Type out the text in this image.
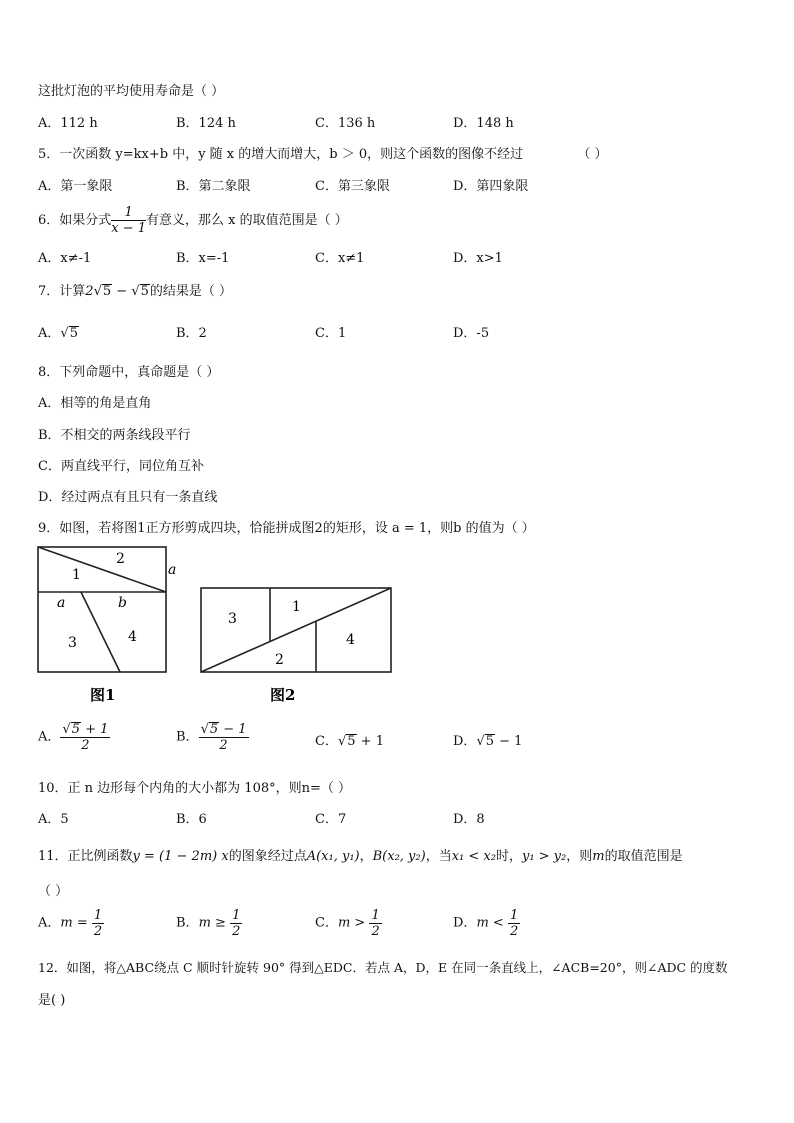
这批灯泡的平均使用寿命是（ ）
A．112 h	B．124 h	C．136 h	D．148 h
5．一次函数 y=kx+b 中，y 随 x 的增大而增大，b ＞ 0，则这个函数的图像不经过	（ ）
A．第一象限	B．第二象限	C．第三象限	D．第四象限
6．如果分式 $\frac{1}{x - 1}$ 有意义，那么 x 的取值范围是（ ）
A．x≠-1	B．x=-1	C．x≠1	D．x>1
7．计算2√5 − √5的结果是（ ）
A．√5	B．2	C．1	D．-5
8．下列命题中，真命题是（ ）
A．相等的角是直角
B．不相交的两条线段平行
C．两直线平行，同位角互补
D．经过两点有且只有一条直线
9．如图，若将图1正方形剪成四块，恰能拼成图2的矩形，设 a = 1，则b 的值为（ ）
2
1	a
a	b
3	4
图1
3
1
4
2
图2
A． $\frac{√5 + 1}{2}$	B． $\frac{√5 - 1}{2}$	C．√5 + 1	D．√5 − 1
10．正 n 边形每个内角的大小都为 108°，则n=（ ）
A．5	B．6	C．7	D．8
11．正比例函数y = (1 − 2m) x的图象经过点A(x₁, y₁)，B(x₂, y₂)，当x₁ < x₂时，y₁ > y₂，则m的取值范围是
（ ）
A．$m = \frac{1}{2}$	B．$m \ge \frac{1}{2}$	C．$m > \frac{1}{2}$	D．$m < \frac{1}{2}$
12．如图，将△ABC绕点 C 顺时针旋转 90° 得到△EDC．若点 A，D，E 在同一条直线上，∠ACB=20°，则∠ADC 的度数
是( )
